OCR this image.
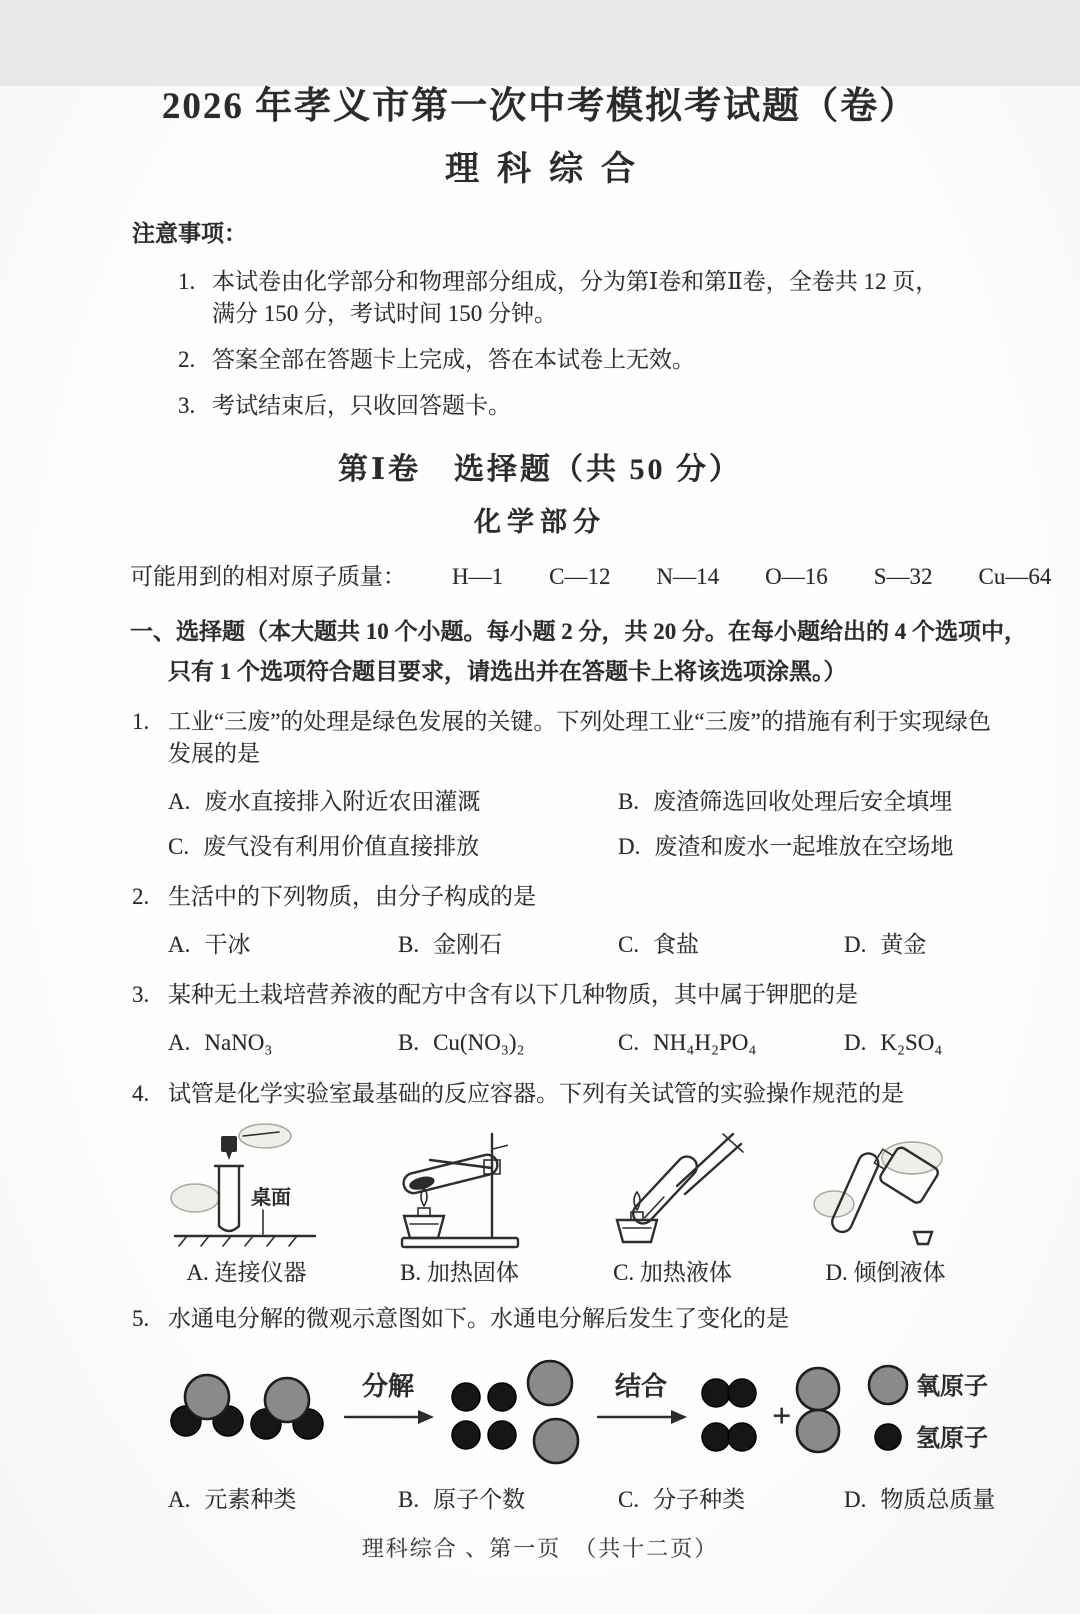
2026 年孝义市第一次中考模拟考试题（卷）
理科综合
注意事项：
1. 本试卷由化学部分和物理部分组成，分为第Ⅰ卷和第Ⅱ卷，全卷共 12 页，
满分 150 分，考试时间 150 分钟。
2. 答案全部在答题卡上完成，答在本试卷上无效。
3. 考试结束后，只收回答题卡。
第Ⅰ卷　选择题（共 50 分）
化学部分
可能用到的相对原子质量： H—1 C—12 N—14 O—16 S—32 Cu—64
一、选择题（本大题共 10 个小题。每小题 2 分，共 20 分。在每小题给出的 4 个选项中，
只有 1 个选项符合题目要求，请选出并在答题卡上将该选项涂黑。）
1. 工业“三废”的处理是绿色发展的关键。下列处理工业“三废”的措施有利于实现绿色
发展的是
A. 废水直接排入附近农田灌溉	B. 废渣筛选回收处理后安全填埋
C. 废气没有利用价值直接排放	D. 废渣和废水一起堆放在空场地
2. 生活中的下列物质，由分子构成的是
A. 干冰	B. 金刚石	C. 食盐	D. 黄金
3. 某种无土栽培营养液的配方中含有以下几种物质，其中属于钾肥的是
A. NaNO₃	B. Cu(NO₃)₂	C. NH₄H₂PO₄	D. K₂SO₄
4. 试管是化学实验室最基础的反应容器。下列有关试管的实验操作规范的是
桌面
A. 连接仪器	B. 加热固体	C. 加热液体	D. 倾倒液体
5. 水通电分解的微观示意图如下。水通电分解后发生了变化的是
分解	结合
+
氧原子
氢原子
A. 元素种类	B. 原子个数	C. 分子种类	D. 物质总质量
理科综合 、第一页　（共十二页）
